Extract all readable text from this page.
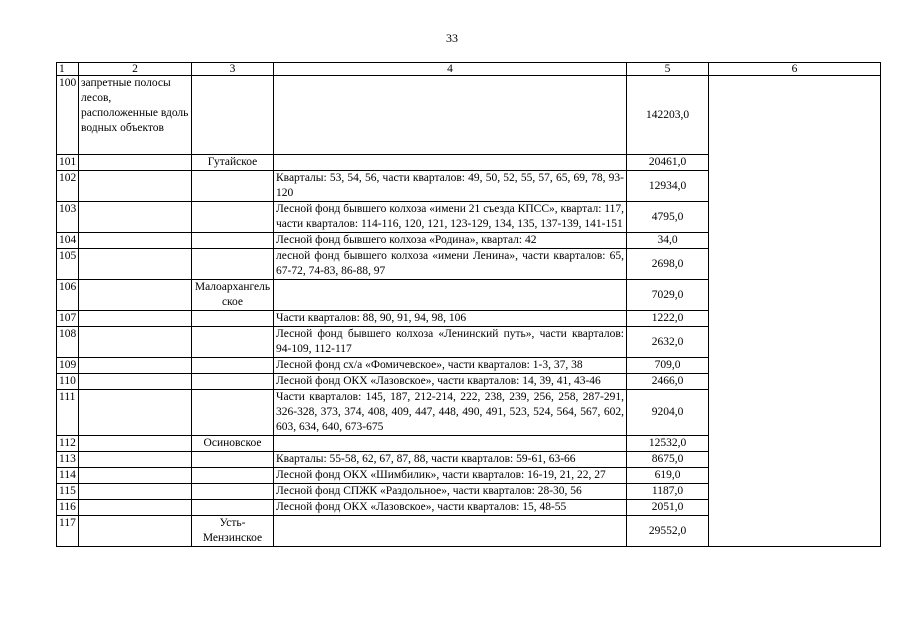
33
1	2	3	4	5	6
100	запретные полосы лесов, расположенные вдоль водных объектов			142203,0	
101		Гутайское		20461,0	
102			Кварталы: 53, 54, 56, части кварталов: 49, 50, 52, 55, 57, 65, 69, 78, 93-120	12934,0	
103			Лесной фонд бывшего колхоза «имени 21 съезда КПСС», квартал: 117, части кварталов: 114-116, 120, 121, 123-129, 134, 135, 137-139, 141-151	4795,0	
104			Лесной фонд бывшего колхоза «Родина», квартал: 42	34,0	
105			лесной фонд бывшего колхоза «имени Ленина», части кварталов: 65, 67-72, 74-83, 86-88, 97	2698,0	
106		Малоархангельское		7029,0	
107			Части кварталов: 88, 90, 91, 94, 98, 106	1222,0	
108			Лесной фонд бывшего колхоза «Ленинский путь», части кварталов: 94-109, 112-117	2632,0	
109			Лесной фонд сх/а «Фомичевское», части кварталов: 1-3, 37, 38	709,0	
110			Лесной фонд ОКХ «Лазовское», части кварталов: 14, 39, 41, 43-46	2466,0	
111			Части кварталов: 145, 187, 212-214, 222, 238, 239, 256, 258, 287-291, 326-328, 373, 374, 408, 409, 447, 448, 490, 491, 523, 524, 564, 567, 602, 603, 634, 640, 673-675	9204,0	
112		Осиновское		12532,0	
113			Кварталы: 55-58, 62, 67, 87, 88, части кварталов: 59-61, 63-66	8675,0	
114			Лесной фонд ОКХ «Шимбилик», части кварталов: 16-19, 21, 22, 27	619,0	
115			Лесной фонд СПЖК «Раздольное», части кварталов: 28-30, 56	1187,0	
116			Лесной фонд ОКХ «Лазовское», части кварталов: 15, 48-55	2051,0	
117		Усть-Мензинское		29552,0	
